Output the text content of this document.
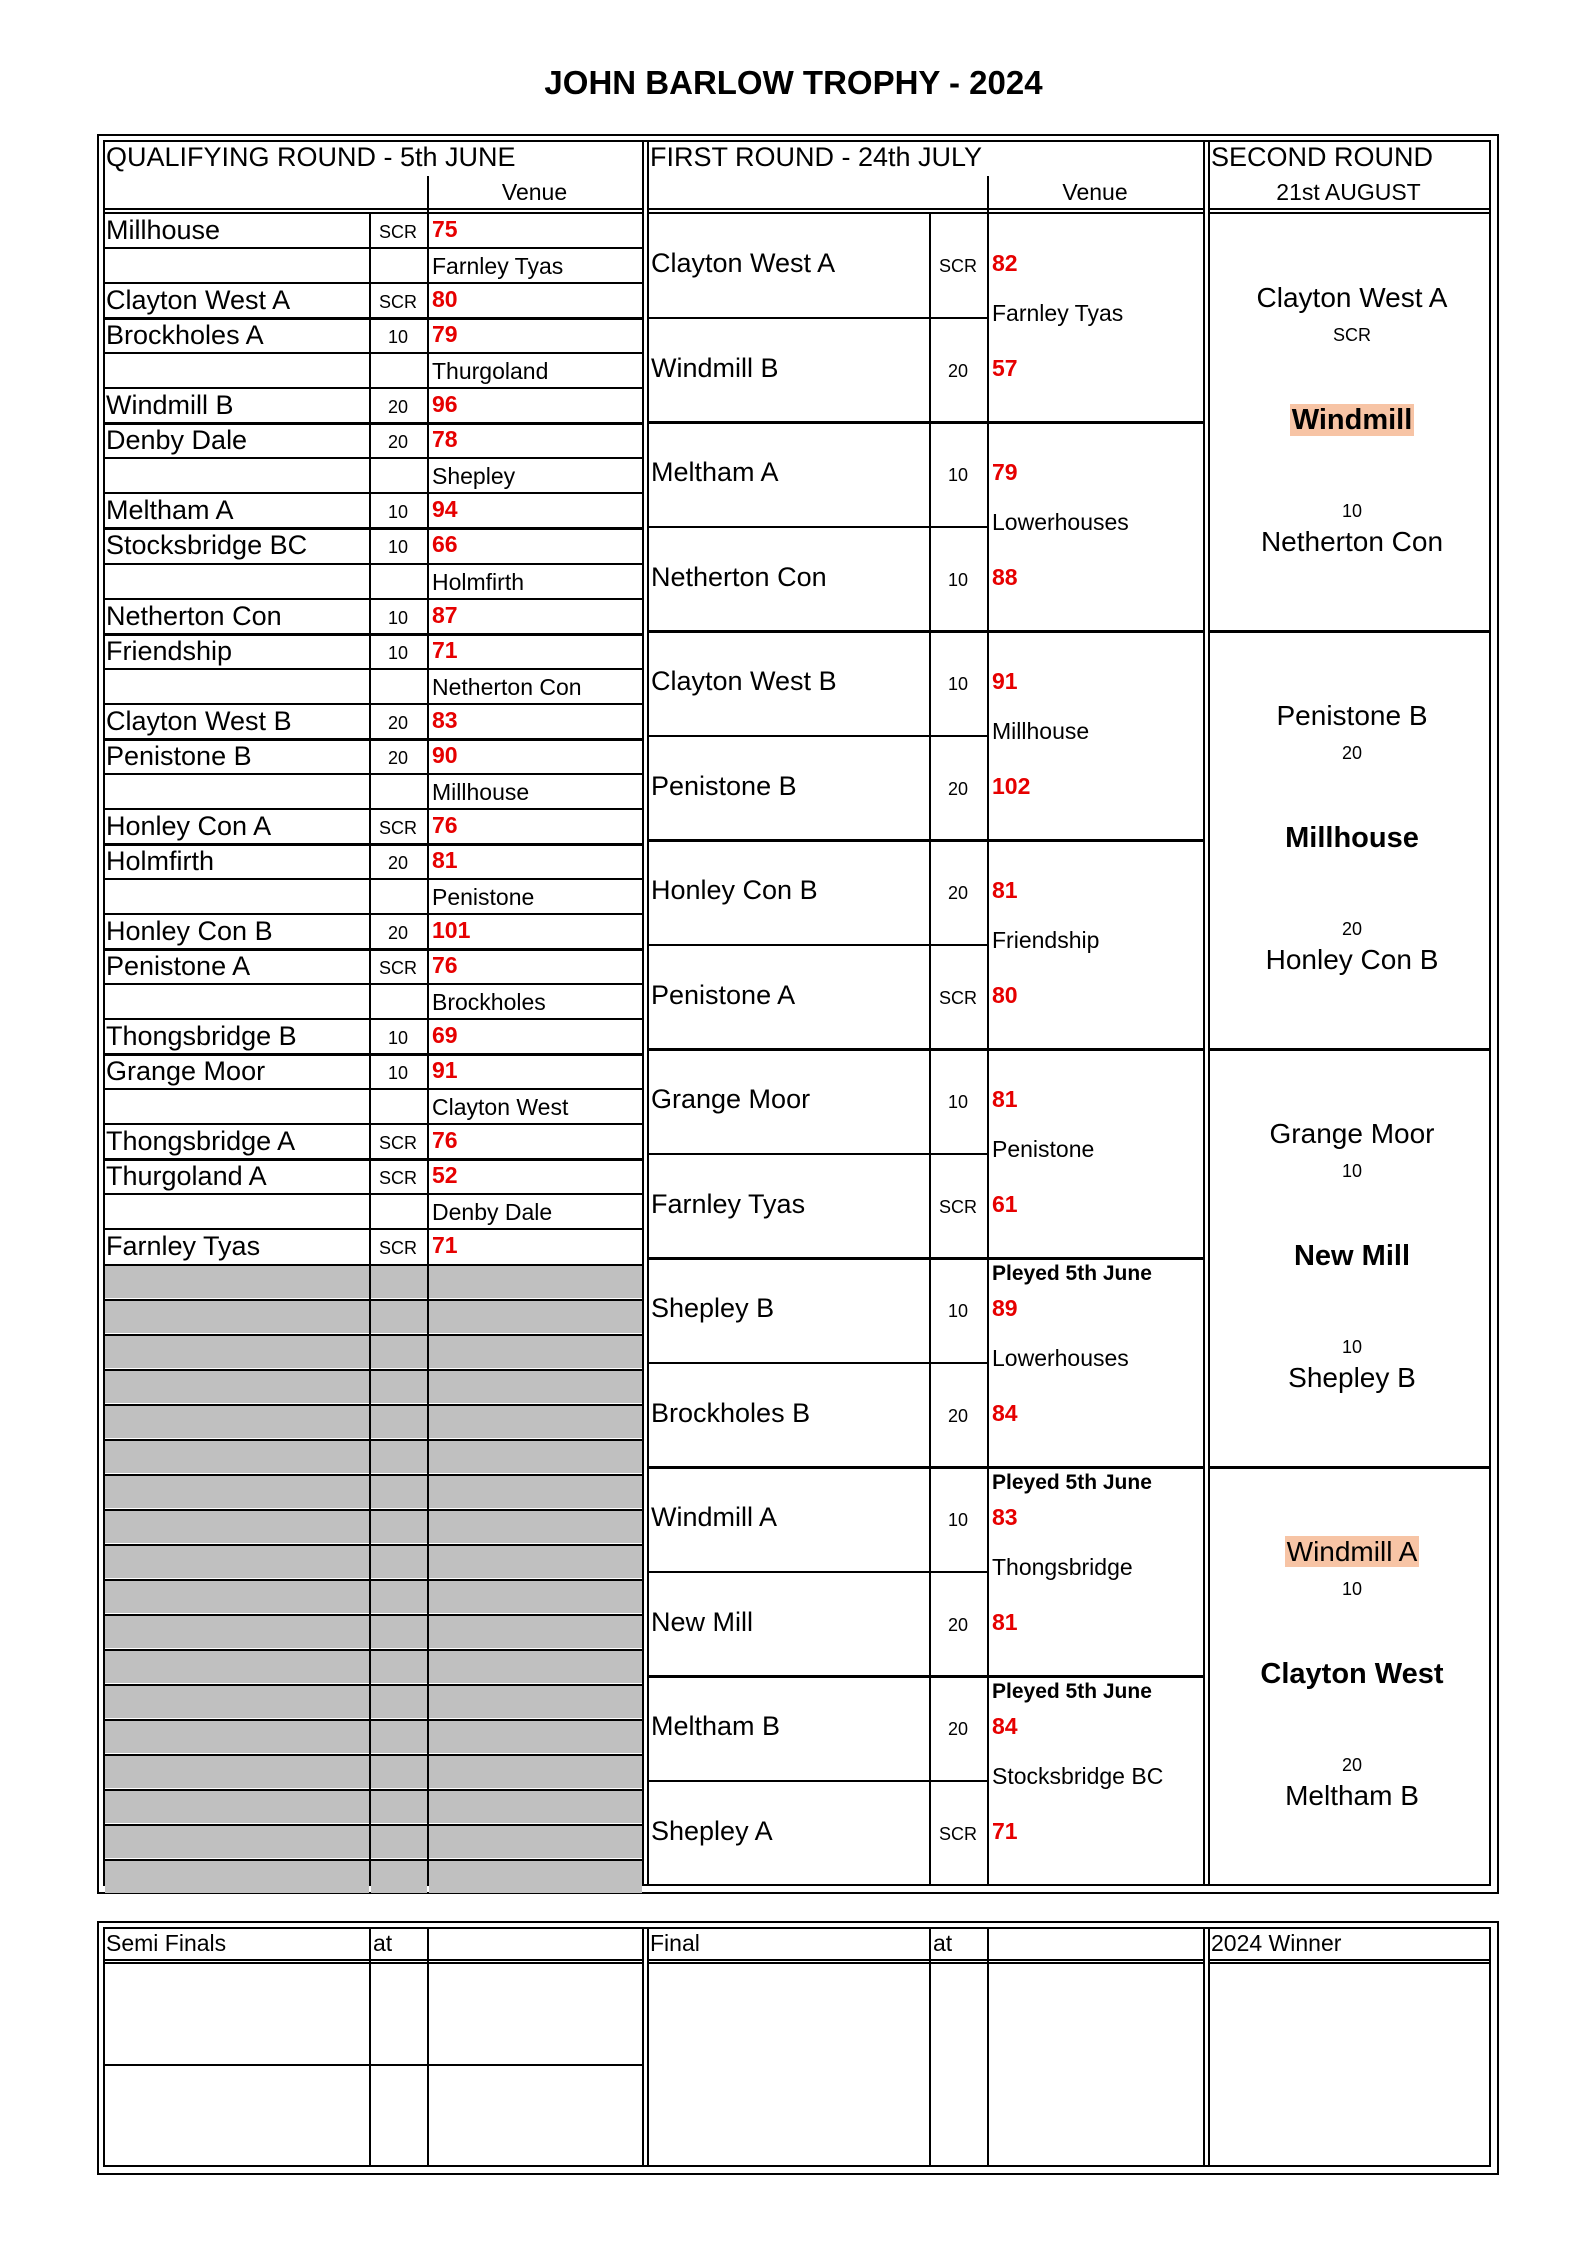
JOHN BARLOW TROPHY - 2024
QUALIFYING ROUND - 5th JUNE
Venue
FIRST ROUND - 24th JULY
Venue
SECOND ROUND
21st AUGUST
Millhouse	SCR 75
Farnley Tyas
Clayton West A	SCR 80
Brockholes A	10	79
Thurgoland
Windmill B	20	96
Denby Dale	20	78
Shepley
Meltham A	10	94
Stocksbridge BC	10	66
Holmfirth
Netherton Con	10	87
Friendship	10	71
Netherton Con
Clayton West B	20	83
Penistone B	20	90
Millhouse
Honley Con A	SCR 76
Holmfirth	20	81
Penistone
Honley Con B	20	101
Penistone A	SCR 76
Brockholes
Thongsbridge B	10	69
Grange Moor	10	91
Clayton West
Thongsbridge A	SCR 76
Thurgoland A	SCR 52
Denby Dale
Farnley Tyas	SCR 71
Clayton West A	SCR 82
Farnley Tyas
Windmill B	20	57
Meltham A	10	79
Lowerhouses
Netherton Con	10	88
Clayton West B	10	91
Millhouse
Penistone B	20	102
Honley Con B	20	81
Friendship
Penistone A	SCR 80
Grange Moor	10	81
Penistone
Farnley Tyas	SCR 61
Pleyed 5th June
Shepley B	10	89
Lowerhouses
Brockholes B	20	84
Pleyed 5th June
Windmill A	10	83
Thongsbridge
New Mill	20	81
Pleyed 5th June
Meltham B	20	84
Stocksbridge BC
Shepley A	SCR 71
Clayton West A
SCR
Windmill
10
Netherton Con
Penistone B
20
Millhouse
20
Honley Con B
Grange Moor
10
New Mill
10
Shepley B
Windmill A
10
Clayton West
20
Meltham B
Semi Finals	at	Final	at	2024 Winner
